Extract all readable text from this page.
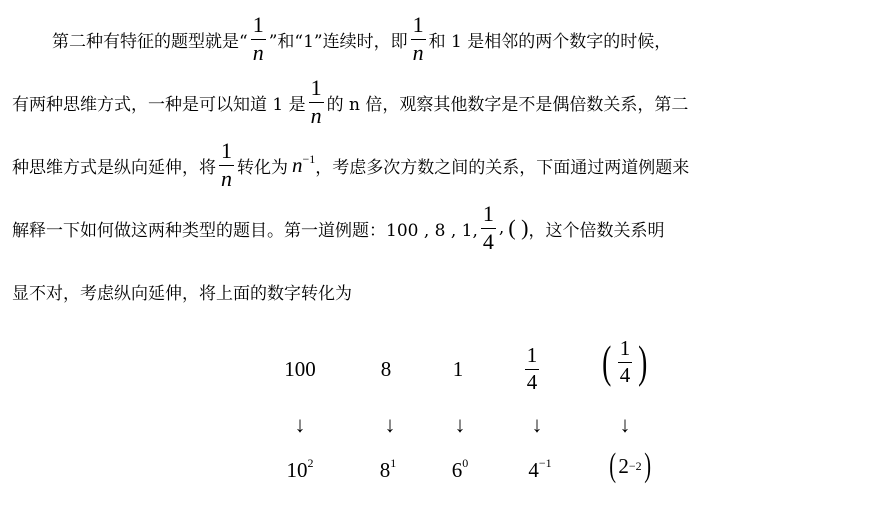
第二种有特征的题型就是“ $\frac{1}{n}$ ”和“1”连续时，即 $\frac{1}{n}$ 和 1 是相邻的两个数字的时候，
有两种思维方式，一种是可以知道 1 是 $\frac{1}{n}$ 的 n 倍，观察其他数字是不是偶倍数关系，第二
种思维方式是纵向延伸，将 $\frac{1}{n}$ 转化为 $n^{-1}$ ，考虑多次方数之间的关系，下面通过两道例题来
解释一下如何做这两种类型的题目。第一道例题：100 , 8 , 1, $\frac{1}{4}$ , ( ) ，这个倍数关系明
显不对，考虑纵向延伸，将上面的数字转化为
100	8	1	$\frac{1}{4}$ ( $\frac{1}{4}$ )
↓	↓	↓	↓	↓
$10^2$	$8^1$	$6^0$	$4^{-1}$	( 2 −2 )
